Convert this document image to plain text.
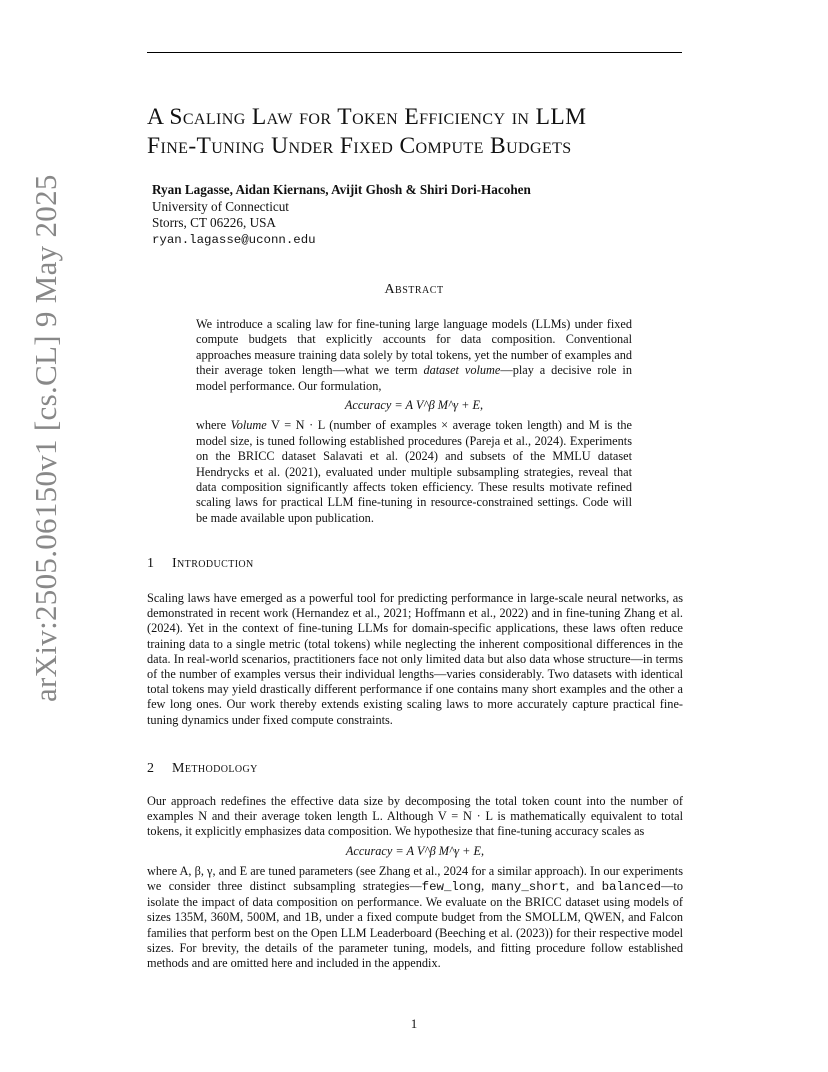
arXiv:2505.06150v1 [cs.CL] 9 May 2025
A Scaling Law for Token Efficiency in LLM
Fine-Tuning Under Fixed Compute Budgets
Ryan Lagasse, Aidan Kiernans, Avijit Ghosh & Shiri Dori-Hacohen
University of Connecticut
Storrs, CT 06226, USA
ryan.lagasse@uconn.edu
Abstract

We introduce a scaling law for fine-tuning large language models (LLMs) under fixed compute budgets that explicitly accounts for data composition. Conventional approaches measure training data solely by total tokens, yet the number of examples and their average token length—what we term dataset volume—play a decisive role in model performance. Our formulation,

Accuracy = A V^β M^γ + E,

where Volume V = N · L (number of examples × average token length) and M is the model size, is tuned following established procedures (Pareja et al., 2024). Experiments on the BRICC dataset Salavati et al. (2024) and subsets of the MMLU dataset Hendrycks et al. (2021), evaluated under multiple subsampling strategies, reveal that data composition significantly affects token efficiency. These results motivate refined scaling laws for practical LLM fine-tuning in resource-constrained settings. Code will be made available upon publication.

1 Introduction

Scaling laws have emerged as a powerful tool for predicting performance in large-scale neural networks, as demonstrated in recent work (Hernandez et al., 2021; Hoffmann et al., 2022) and in fine-tuning Zhang et al. (2024). Yet in the context of fine-tuning LLMs for domain-specific applications, these laws often reduce training data to a single metric (total tokens) while neglecting the inherent compositional differences in the data. In real-world scenarios, practitioners face not only limited data but also data whose structure—in terms of the number of examples versus their individual lengths—varies considerably. Two datasets with identical total tokens may yield drastically different performance if one contains many short examples and the other a few long ones. Our work thereby extends existing scaling laws to more accurately capture practical fine-tuning dynamics under fixed compute constraints.

2 Methodology

Our approach redefines the effective data size by decomposing the total token count into the number of examples N and their average token length L. Although V = N · L is mathematically equivalent to total tokens, it explicitly emphasizes data composition. We hypothesize that fine-tuning accuracy scales as

Accuracy = A V^β M^γ + E,

where A, β, γ, and E are tuned parameters (see Zhang et al., 2024 for a similar approach). In our experiments we consider three distinct subsampling strategies—few_long, many_short, and balanced—to isolate the impact of data composition on performance. We evaluate on the BRICC dataset using models of sizes 135M, 360M, 500M, and 1B, under a fixed compute budget from the SMOLLM, QWEN, and Falcon families that perform best on the Open LLM Leaderboard (Beeching et al. (2023)) for their respective model sizes. For brevity, the details of the parameter tuning, models, and fitting procedure follow established methods and are omitted here and included in the appendix.

1
